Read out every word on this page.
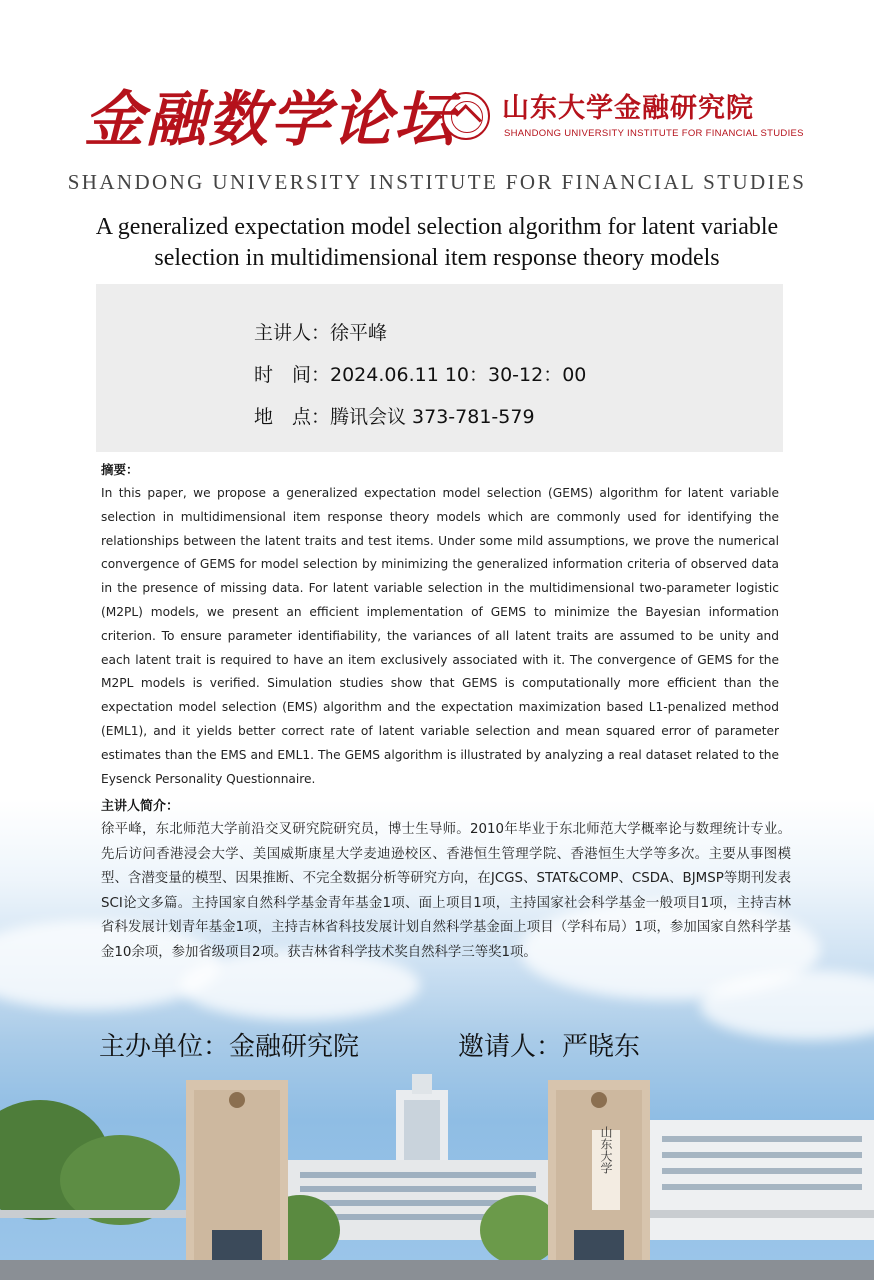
金融数学论坛 山东大学金融研究院
SHANDONG UNIVERSITY INSTITUTE FOR FINANCIAL STUDIES
SHANDONG UNIVERSITY INSTITUTE FOR FINANCIAL STUDIES
A generalized expectation model selection algorithm for latent variable selection in multidimensional item response theory models
主讲人：徐平峰
时　间：2024.06.11 10：30-12：00
地　点：腾讯会议 373-781-579
摘要：
In this paper, we propose a generalized expectation model selection (GEMS) algorithm for latent variable selection in multidimensional item response theory models which are commonly used for identifying the relationships between the latent traits and test items. Under some mild assumptions, we prove the numerical convergence of GEMS for model selection by minimizing the generalized information criteria of observed data in the presence of missing data. For latent variable selection in the multidimensional two-parameter logistic (M2PL) models, we present an efficient implementation of GEMS to minimize the Bayesian information criterion. To ensure parameter identifiability, the variances of all latent traits are assumed to be unity and each latent trait is required to have an item exclusively associated with it. The convergence of GEMS for the M2PL models is verified. Simulation studies show that GEMS is computationally more efficient than the expectation model selection (EMS) algorithm and the expectation maximization based L1-penalized method (EML1), and it yields better correct rate of latent variable selection and mean squared error of parameter estimates than the EMS and EML1. The GEMS algorithm is illustrated by analyzing a real dataset related to the Eysenck Personality Questionnaire.
主讲人简介：
徐平峰，东北师范大学前沿交叉研究院研究员，博士生导师。2010年毕业于东北师范大学概率论与数理统计专业。先后访问香港浸会大学、美国威斯康星大学麦迪逊校区、香港恒生管理学院、香港恒生大学等多次。主要从事图模型、含潜变量的模型、因果推断、不完全数据分析等研究方向，在JCGS、STAT&COMP、CSDA、BJMSP等期刊发表SCI论文多篇。主持国家自然科学基金青年基金1项、面上项目1项，主持国家社会科学基金一般项目1项，主持吉林省科发展计划青年基金1项，主持吉林省科技发展计划自然科学基金面上项目（学科布局）1项，参加国家自然科学基金10余项，参加省级项目2项。获吉林省科学技术奖自然科学三等奖1项。
主办单位：金融研究院	邀请人：严晓东
山东大学
